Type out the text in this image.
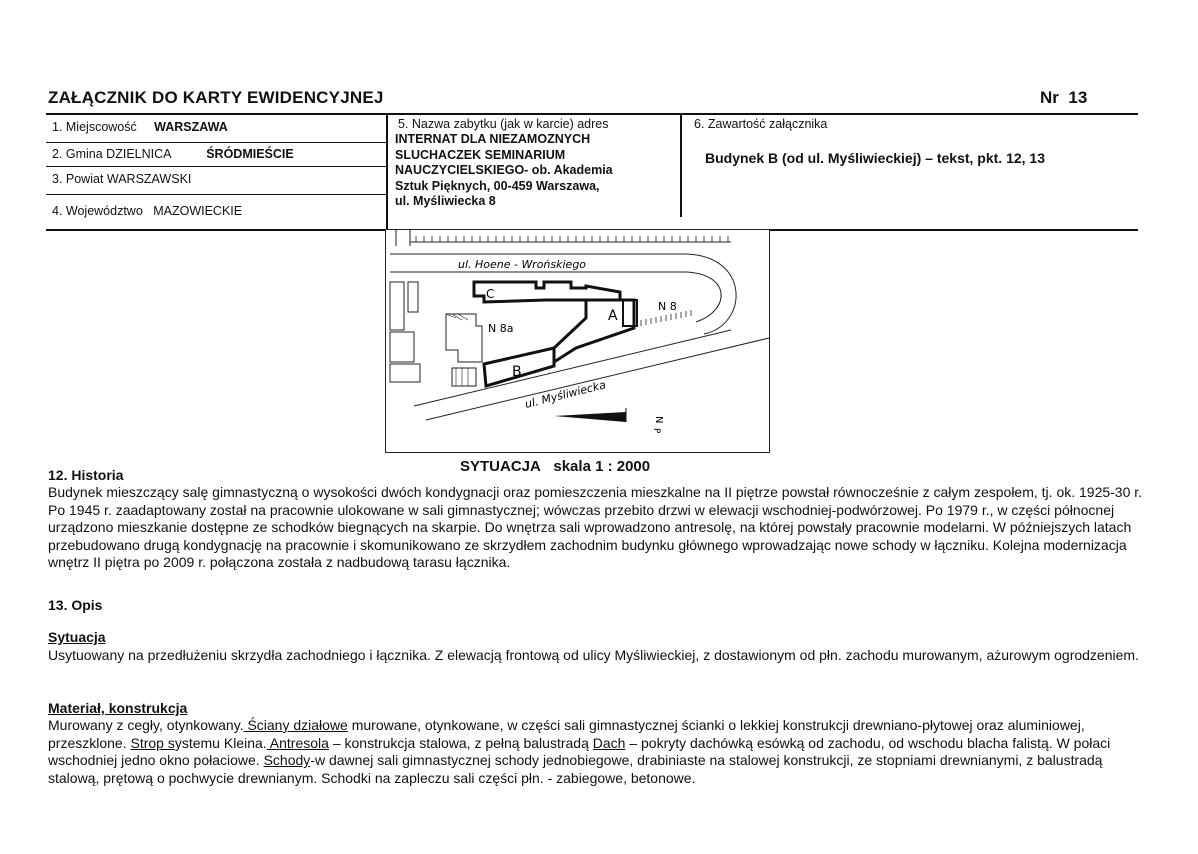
ZAŁĄCZNIK DO KARTY EWIDENCYJNEJ	Nr 13
1. Miejscowość WARSZAWA
2. Gmina DZIELNICA	ŚRÓDMIEŚCIE
3. Powiat WARSZAWSKI
4. Województwo MAZOWIECKIE
5. Nazwa zabytku (jak w karcie) adres
INTERNAT DLA NIEZAMOZNYCH
SLUCHACZEK SEMINARIUM
NAUCZYCIELSKIEGO- ob. Akademia
Sztuk Pięknych, 00-459 Warszawa,
ul. Myśliwiecka 8
6. Zawartość załącznika
Budynek B (od ul. Myśliwieckiej) – tekst, pkt. 12, 13
ul. Hoene - Wrońskiego
ul. Myśliwiecka
C
A
B
N 8
N 8a
N
P
SYTUACJA skala 1 : 2000
12. Historia
Budynek mieszczący salę gimnastyczną o wysokości dwóch kondygnacji oraz pomieszczenia mieszkalne na II piętrze powstał równocześnie z całym zespołem, tj. ok. 1925-30 r. Po 1945 r. zaadaptowany został na pracownie ulokowane w sali gimnastycznej; wówczas przebito drzwi w elewacji wschodniej-podwórzowej. Po 1979 r., w części północnej urządzono mieszkanie dostępne ze schodków biegnących na skarpie. Do wnętrza sali wprowadzono antresolę, na której powstały pracownie modelarni. W późniejszych latach przebudowano drugą kondygnację na pracownie i skomunikowano ze skrzydłem zachodnim budynku głównego wprowadzając nowe schody w łączniku. Kolejna modernizacja wnętrz II piętra po 2009 r. połączona została z nadbudową tarasu łącznika.
13. Opis
Sytuacja
Usytuowany na przedłużeniu skrzydła zachodniego i łącznika. Z elewacją frontową od ulicy Myśliwieckiej, z dostawionym od płn. zachodu murowanym, ażurowym ogrodzeniem.
Materiał, konstrukcja
Murowany z cegły, otynkowany. Ściany działowe murowane, otynkowane, w części sali gimnastycznej ścianki o lekkiej konstrukcji drewniano-płytowej oraz aluminiowej, przeszklone. Strop systemu Kleina. Antresola – konstrukcja stalowa, z pełną balustradą Dach – pokryty dachówką esówką od zachodu, od wschodu blacha falistą. W połaci wschodniej jedno okno połaciowe. Schody-w dawnej sali gimnastycznej schody jednobiegowe, drabiniaste na stalowej konstrukcji, ze stopniami drewnianymi, z balustradą stalową, prętową o pochwycie drewnianym. Schodki na zapleczu sali części płn. - zabiegowe, betonowe.
